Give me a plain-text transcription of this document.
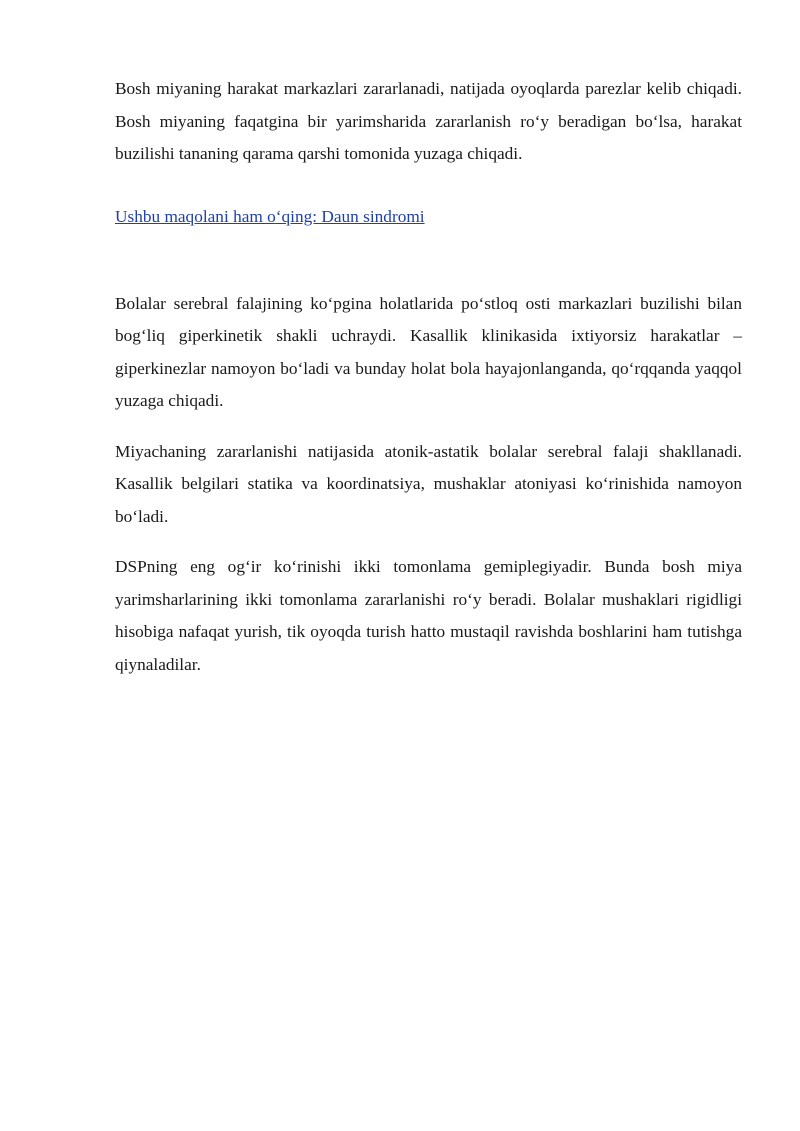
Bosh miyaning harakat markazlari zararlanadi, natijada oyoqlarda parezlar kelib chiqadi. Bosh miyaning faqatgina bir yarimsharida zararlanish ro‘y beradigan bo‘lsa, harakat buzilishi tananing qarama qarshi tomonida yuzaga chiqadi.

Ushbu maqolani ham o‘qing: Daun sindromi

Bolalar serebral falajining ko‘pgina holatlarida po‘stloq osti markazlari buzilishi bilan bog‘liq giperkinetik shakli uchraydi. Kasallik klinikasida ixtiyorsiz harakatlar – giperkinezlar namoyon bo‘ladi va bunday holat bola hayajonlanganda, qo‘rqqanda yaqqol yuzaga chiqadi.

Miyachaning zararlanishi natijasida atonik-astatik bolalar serebral falaji shakllanadi. Kasallik belgilari statika va koordinatsiya, mushaklar atoniyasi ko‘rinishida namoyon bo‘ladi.

DSPning eng og‘ir ko‘rinishi ikki tomonlama gemiplegiyadir. Bunda bosh miya yarimsharlarining ikki tomonlama zararlanishi ro‘y beradi. Bolalar mushaklari rigidligi hisobiga nafaqat yurish, tik oyoqda turish hatto mustaqil ravishda boshlarini ham tutishga qiynaladilar.
